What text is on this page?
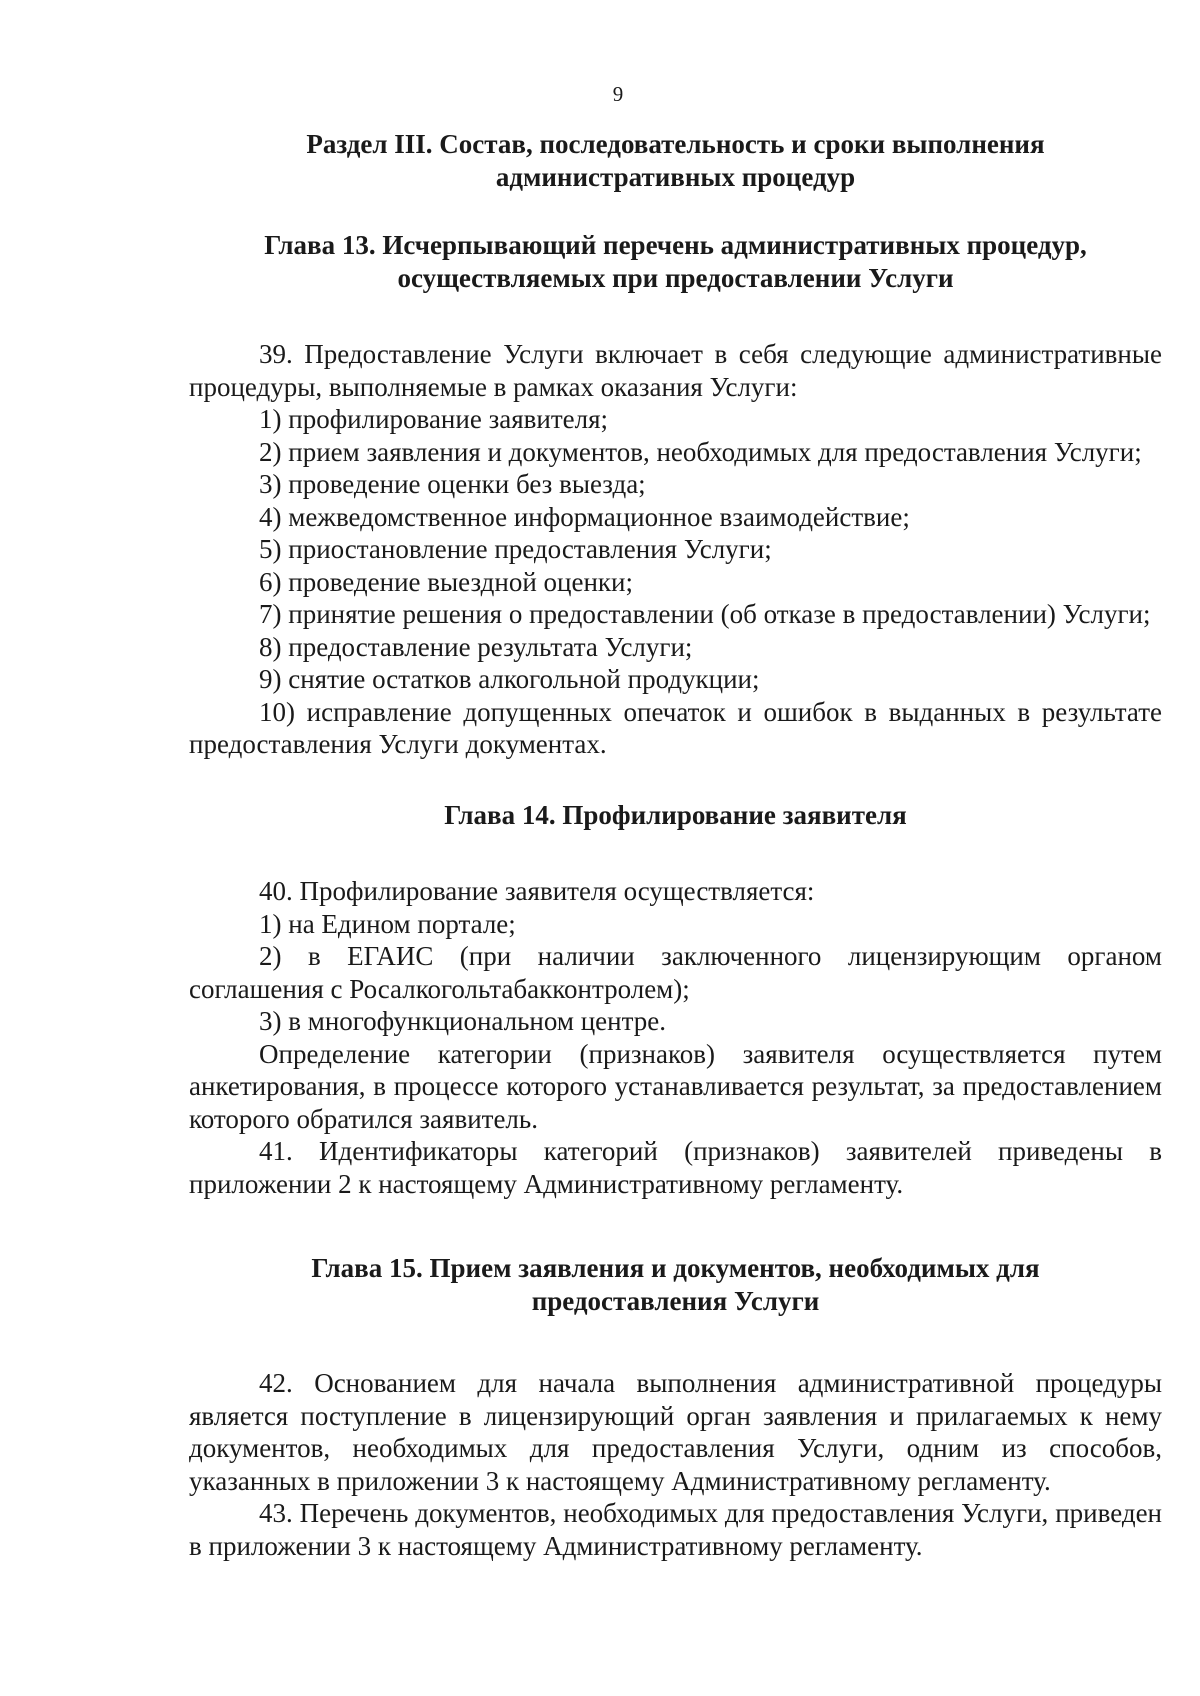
9
Раздел III. Состав, последовательность и сроки выполнения
административных процедур
Глава 13. Исчерпывающий перечень административных процедур,
осуществляемых при предоставлении Услуги

39. Предоставление Услуги включает в себя следующие административные процедуры, выполняемые в рамках оказания Услуги:

1) профилирование заявителя;

2) прием заявления и документов, необходимых для предоставления Услуги;

3) проведение оценки без выезда;

4) межведомственное информационное взаимодействие;

5) приостановление предоставления Услуги;

6) проведение выездной оценки;

7) принятие решения о предоставлении (об отказе в предоставлении) Услуги;

8) предоставление результата Услуги;

9) снятие остатков алкогольной продукции;

10) исправление допущенных опечаток и ошибок в выданных в результате предоставления Услуги документах.

Глава 14. Профилирование заявителя

40. Профилирование заявителя осуществляется:

1) на Едином портале;

2) в ЕГАИС (при наличии заключенного лицензирующим органом соглашения с Росалкогольтабакконтролем);

3) в многофункциональном центре.

Определение категории (признаков) заявителя осуществляется путем анкетирования, в процессе которого устанавливается результат, за предоставлением которого обратился заявитель.

41. Идентификаторы категорий (признаков) заявителей приведены в приложении 2 к настоящему Административному регламенту.

Глава 15. Прием заявления и документов, необходимых для
предоставления Услуги

42. Основанием для начала выполнения административной процедуры является поступление в лицензирующий орган заявления и прилагаемых к нему документов, необходимых для предоставления Услуги, одним из способов, указанных в приложении 3 к настоящему Административному регламенту.

43. Перечень документов, необходимых для предоставления Услуги, приведен в приложении 3 к настоящему Административному регламенту.
